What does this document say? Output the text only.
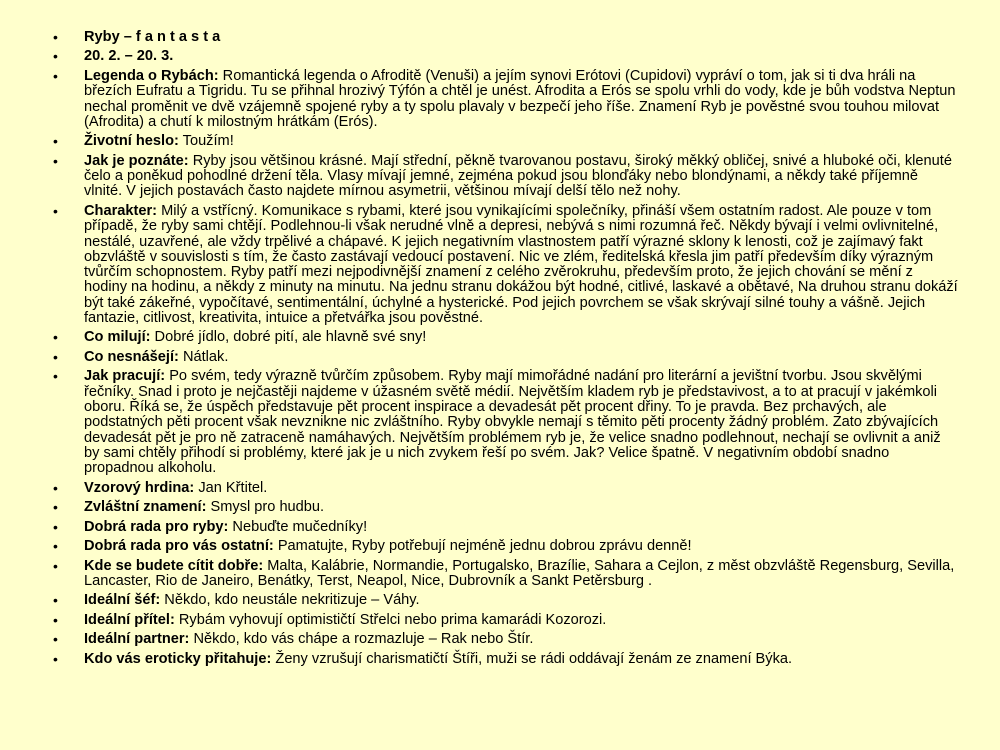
• Ryby – f a n t a s t a
• 20. 2. – 20. 3.
• Legenda o Rybách: Romantická legenda o Afroditě (Venuši) a jejím synovi Erótovi (Cupidovi) vypráví o tom, jak si ti dva hráli na březích Eufratu a Tigridu. Tu se přihnal hrozivý Týfón a chtěl je unést. Afrodita a Erós se spolu vrhli do vody, kde je bůh vodstva Neptun nechal proměnit ve dvě vzájemně spojené ryby a ty spolu plavaly v bezpečí jeho říše. Znamení Ryb je pověstné svou touhou milovat (Afrodita) a chutí k milostným hrátkám (Erós).
• Životní heslo: Toužím!
• Jak je poznáte: Ryby jsou většinou krásné. Mají střední, pěkně tvarovanou postavu, široký měkký obličej, snivé a hluboké oči, klenuté čelo a poněkud pohodlné držení těla. Vlasy mívají jemné, zejména pokud jsou blonďáky nebo blondýnami, a někdy také příjemně vlnité. V jejich postavách často najdete mírnou asymetrii, většinou mívají delší tělo než nohy.
• Charakter: Milý a vstřícný. Komunikace s rybami, které jsou vynikajícími společníky, přináší všem ostatním radost. Ale pouze v tom případě, že ryby sami chtějí. Podlehnou-li však nerudné vlně a depresi, nebývá s nimi rozumná řeč. Někdy bývají i velmi ovlivnitelné, nestálé, uzavřené, ale vždy trpělivé a chápavé. K jejich negativním vlastnostem patří výrazné sklony k lenosti, což je zajímavý fakt obzvláště v souvislosti s tím, že často zastávají vedoucí postavení. Nic ve zlém, ředitelská křesla jim patří především díky výrazným tvůrčím schopnostem. Ryby patří mezi nejpodivnější znamení z celého zvěrokruhu, především proto, že jejich chování se mění z hodiny na hodinu, a někdy z minuty na minutu. Na jednu stranu dokážou být hodné, citlivé, laskavé a obětavé, Na druhou stranu dokáží být také zákeřné, vypočítavé, sentimentální, úchylné a hysterické. Pod jejich povrchem se však skrývají silné touhy a vášně. Jejich fantazie, citlivost, kreativita, intuice a přetvářka jsou pověstné.
• Co milují: Dobré jídlo, dobré pití, ale hlavně své sny!
• Co nesnášejí: Nátlak.
• Jak pracují: Po svém, tedy výrazně tvůrčím způsobem. Ryby mají mimořádné nadání pro literární a jevištní tvorbu. Jsou skvělými řečníky. Snad i proto je nejčastěji najdeme v úžasném světě médií. Největším kladem ryb je představivost, a to at pracují v jakémkoli oboru. Říká se, že úspěch představuje pět procent inspirace a devadesát pět procent dřiny. To je pravda. Bez prchavých, ale podstatných pěti procent však nevznikne nic zvláštního. Ryby obvykle nemají s těmito pěti procenty žádný problém. Zato zbývajících devadesát pět je pro ně zatraceně namáhavých. Největším problémem ryb je, že velice snadno podlehnout, nechají se ovlivnit a aniž by sami chtěly přihodí si problémy, které jak je u nich zvykem řeší po svém. Jak? Velice špatně. V negativním období snadno propadnou alkoholu.
• Vzorový hrdina: Jan Křtitel.
• Zvláštní znamení: Smysl pro hudbu.
• Dobrá rada pro ryby: Nebuďte mučedníky!
• Dobrá rada pro vás ostatní: Pamatujte, Ryby potřebují nejméně jednu dobrou zprávu denně!
• Kde se budete cítit dobře: Malta, Kalábrie, Normandie, Portugalsko, Brazílie, Sahara a Cejlon, z měst obzvláště Regensburg, Sevilla, Lancaster, Rio de Janeiro, Benátky, Terst, Neapol, Nice, Dubrovník a Sankt Petěrsburg .
• Ideální šéf: Někdo, kdo neustále nekritizuje – Váhy.
• Ideální přítel: Rybám vyhovují optimističtí Střelci nebo prima kamarádi Kozorozi.
• Ideální partner: Někdo, kdo vás chápe a rozmazluje – Rak nebo Štír.
• Kdo vás eroticky přitahuje: Ženy vzrušují charismatičtí Štíři, muži se rádi oddávají ženám ze znamení Býka.
